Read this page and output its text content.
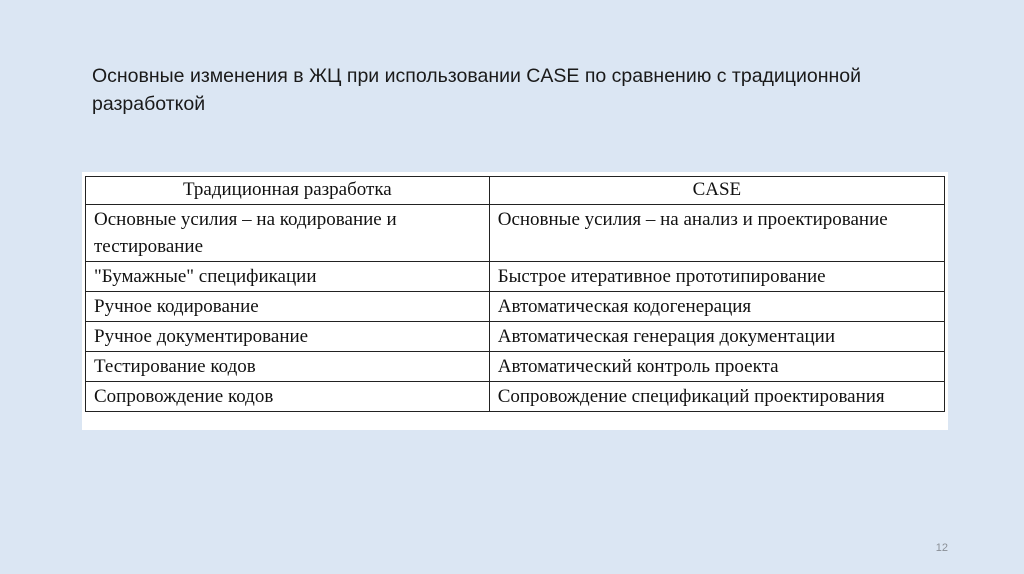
Основные изменения в ЖЦ при использовании CASE по сравнению с традиционной разработкой
Традиционная разработка	CASE
Основные усилия – на кодирование и тестирование	Основные усилия – на анализ и проектирование
"Бумажные" спецификации	Быстрое итеративное прототипирование
Ручное кодирование	Автоматическая кодогенерация
Ручное документирование	Автоматическая генерация документации
Тестирование кодов	Автоматический контроль проекта
Сопровождение кодов	Сопровождение спецификаций проектирования
12
